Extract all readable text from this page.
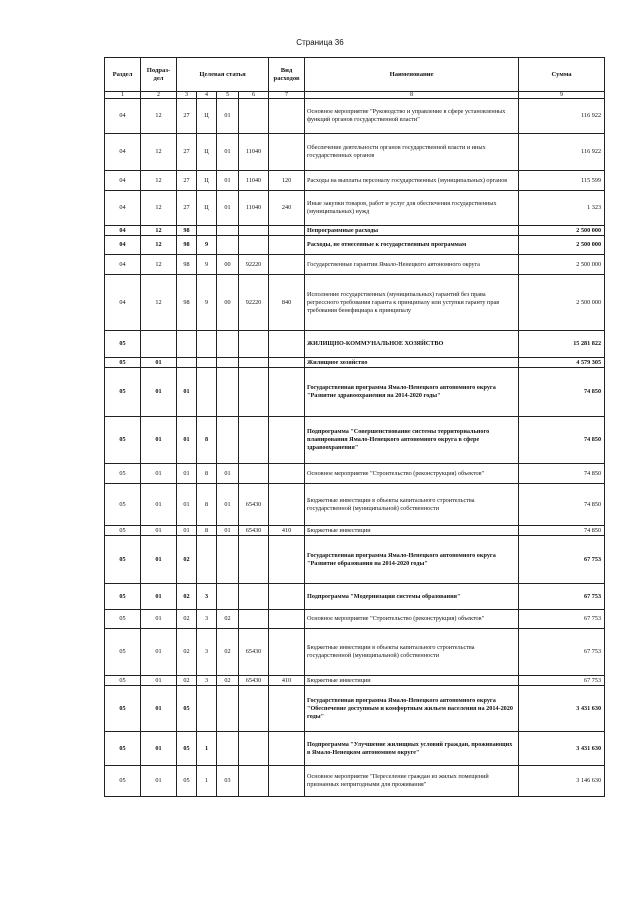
Страница 36
Раздел	Подраз-дел	Целевая статья				Вид расходов	Наименование	Сумма
1	2	3	4	5	6	7	8	9
04	12	27	Ц	01			Основное мероприятие "Руководство и управление в сфере установленных функций органов государственной власти"	116 922
04	12	27	Ц	01	11040		Обеспечение деятельности органов государственной власти и иных государственных органов	116 922
04	12	27	Ц	01	11040	120	Расходы на выплаты персоналу государственных (муниципальных) органов	115 599
04	12	27	Ц	01	11040	240	Иные закупки товаров, работ и услуг для обеспечения государственных (муниципальных) нужд	1 323
04	12	98					Непрограммные расходы	2 500 000
04	12	98	9				Расходы, не отнесенные к государственным программам	2 500 000
04	12	98	9	00	92220		Государственные гарантии Ямало-Ненецкого автономного округа	2 500 000
04	12	98	9	00	92220	840	Исполнение государственных (муниципальных) гарантий без права регрессного требования гаранта к принципалу или уступки гаранту прав требования бенефициара к принципалу	2 500 000
05							ЖИЛИЩНО-КОММУНАЛЬНОЕ ХОЗЯЙСТВО	15 281 822
05	01						Жилищное хозяйство	4 579 305
05	01	01					Государственная программа Ямало-Ненецкого автономного округа "Развитие здравоохранения на 2014-2020 годы"	74 850
05	01	01	8				Подпрограмма "Совершенствование системы территориального планирования Ямало-Ненецкого автономного округа в сфере здравоохранения"	74 850
05	01	01	8	01			Основное мероприятие "Строительство (реконструкция) объектов"	74 850
05	01	01	8	01	65430		Бюджетные инвестиции в объекты капитального строительства государственной (муниципальной) собственности	74 850
05	01	01	8	01	65430	410	Бюджетные инвестиции	74 850
05	01	02					Государственная программа Ямало-Ненецкого автономного округа "Развитие образования на 2014-2020 годы"	67 753
05	01	02	3				Подпрограмма "Модернизация системы образования"	67 753
05	01	02	3	02			Основное мероприятие "Строительство (реконструкция) объектов"	67 753
05	01	02	3	02	65430		Бюджетные инвестиции в объекты капитального строительства государственной (муниципальной) собственности	67 753
05	01	02	3	02	65430	410	Бюджетные инвестиции	67 753
05	01	05					Государственная программа Ямало-Ненецкого автономного округа "Обеспечение доступным и комфортным жильем населения на 2014-2020 годы"	3 431 630
05	01	05	1				Подпрограмма "Улучшение жилищных условий граждан, проживающих в Ямало-Ненецком автономном округе"	3 431 630
05	01	05	1	03			Основное мероприятие "Переселение граждан из жилых помещений признанных непригодными для проживания"	3 146 630
